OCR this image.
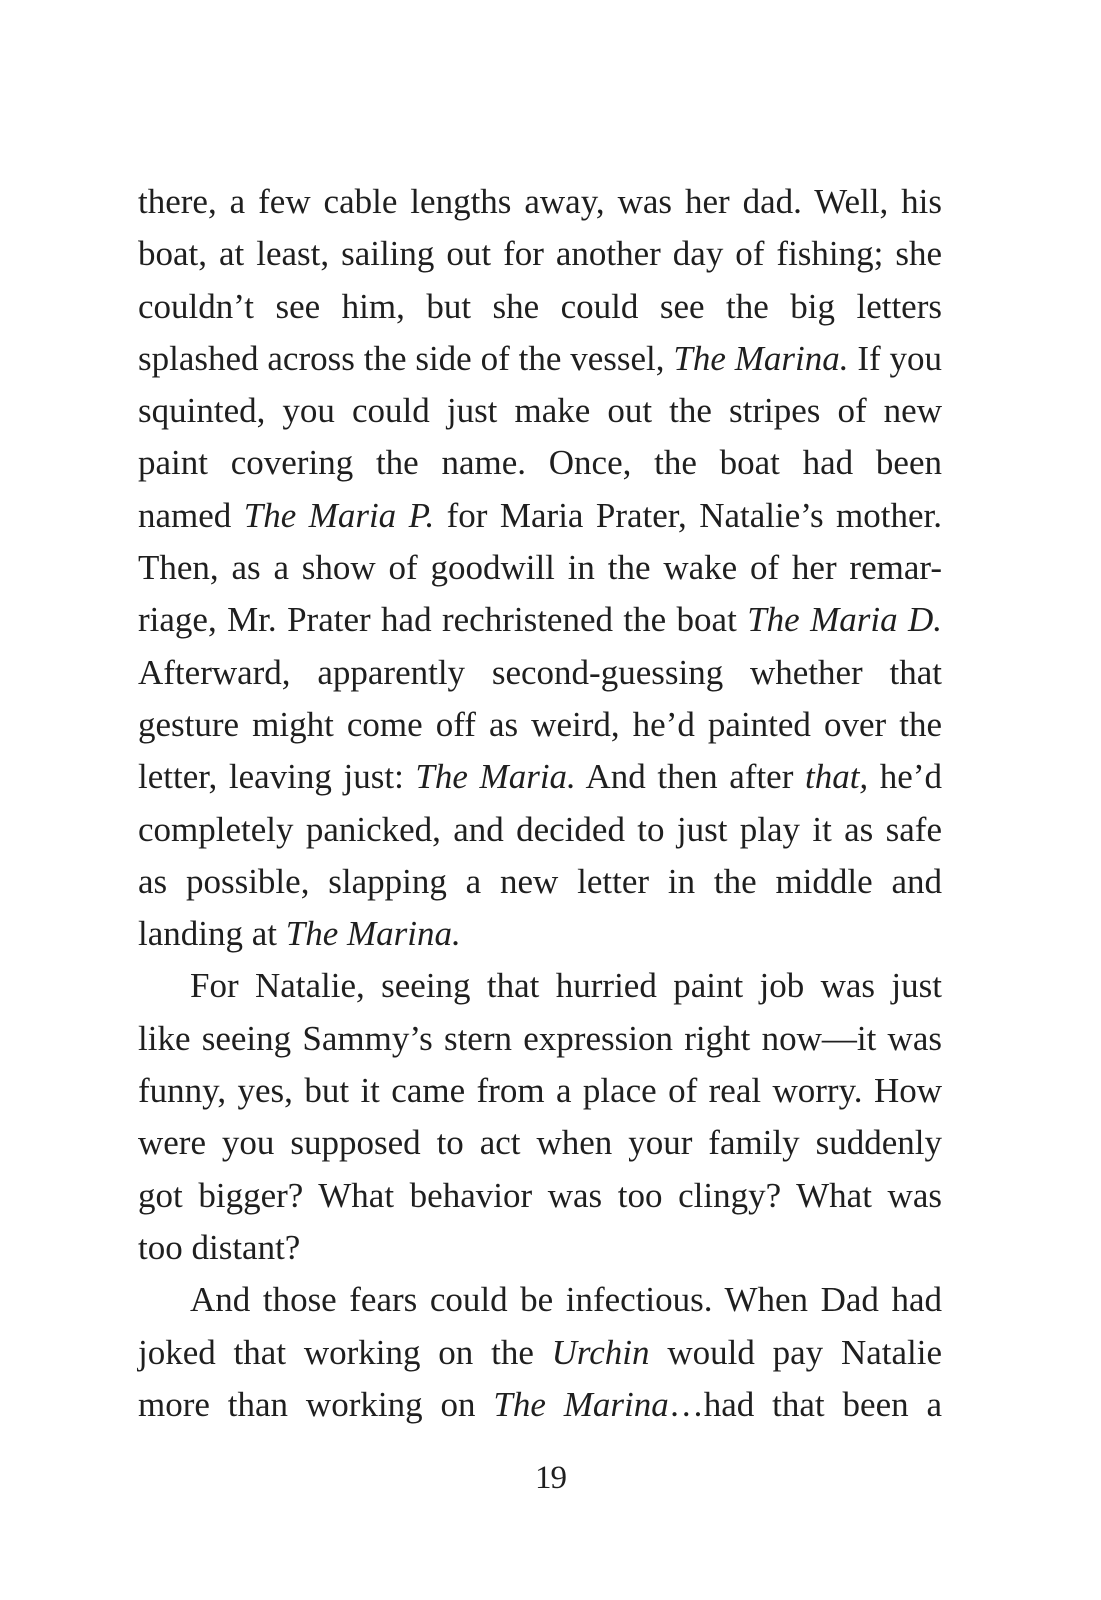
there, a few cable lengths away, was her dad. Well, his
boat, at least, sailing out for another day of fishing; she
couldn’t see him, but she could see the big letters
splashed across the side of the vessel, The Marina. If you
squinted, you could just make out the stripes of new
paint covering the name. Once, the boat had been
named The Maria P. for Maria Prater, Natalie’s mother.
Then, as a show of goodwill in the wake of her remar-
riage, Mr. Prater had rechristened the boat The Maria D.
Afterward, apparently second-guessing whether that
gesture might come off as weird, he’d painted over the
letter, leaving just: The Maria. And then after that, he’d
completely panicked, and decided to just play it as safe
as possible, slapping a new letter in the middle and
landing at The Marina.
For Natalie, seeing that hurried paint job was just
like seeing Sammy’s stern expression right now—it was
funny, yes, but it came from a place of real worry. How
were you supposed to act when your family suddenly
got bigger? What behavior was too clingy? What was
too distant?
And those fears could be infectious. When Dad had
joked that working on the Urchin would pay Natalie
more than working on The Marina…had that been a
19
